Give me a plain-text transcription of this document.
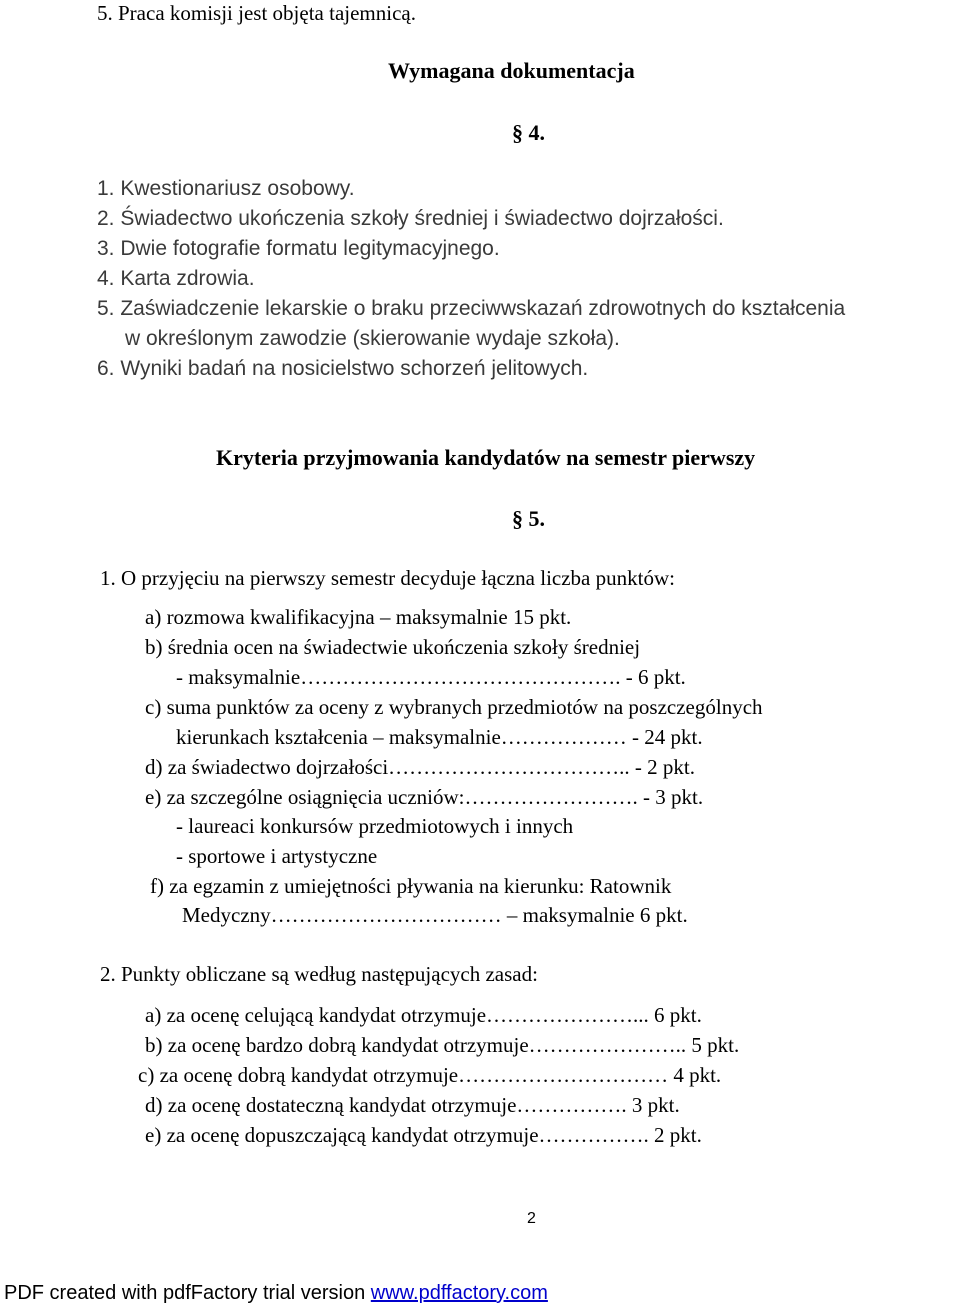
5. Praca komisji jest objęta tajemnicą.
Wymagana dokumentacja
§ 4.
1. Kwestionariusz osobowy.
2. Świadectwo ukończenia szkoły średniej i świadectwo dojrzałości.
3. Dwie fotografie formatu legitymacyjnego.
4. Karta zdrowia.
5. Zaświadczenie lekarskie o braku przeciwwskazań zdrowotnych do kształcenia
w określonym zawodzie (skierowanie wydaje szkoła).
6. Wyniki badań na nosicielstwo schorzeń jelitowych.
Kryteria przyjmowania kandydatów na semestr pierwszy
§ 5.
1. O przyjęciu na pierwszy semestr decyduje łączna liczba punktów:
a) rozmowa kwalifikacyjna – maksymalnie 15 pkt.
b) średnia ocen na świadectwie ukończenia szkoły średniej
- maksymalnie………………………………………. - 6 pkt.
c) suma punktów za oceny z wybranych przedmiotów na poszczególnych
kierunkach kształcenia – maksymalnie……………… - 24 pkt.
d) za świadectwo dojrzałości…………………………….. - 2 pkt.
e) za szczególne osiągnięcia uczniów:……………………. - 3 pkt.
- laureaci konkursów przedmiotowych i innych
- sportowe i artystyczne
f) za egzamin z umiejętności pływania na kierunku: Ratownik
Medyczny…………………………… – maksymalnie 6 pkt.
2. Punkty obliczane są według następujących zasad:
a) za ocenę celującą kandydat otrzymuje…………………... 6 pkt.
b) za ocenę bardzo dobrą kandydat otrzymuje………………….. 5 pkt.
c) za ocenę dobrą kandydat otrzymuje………………………… 4 pkt.
d) za ocenę dostateczną kandydat otrzymuje……………. 3 pkt.
e) za ocenę dopuszczającą kandydat otrzymuje……………. 2 pkt.
2
PDF created with pdfFactory trial version www.pdffactory.com
